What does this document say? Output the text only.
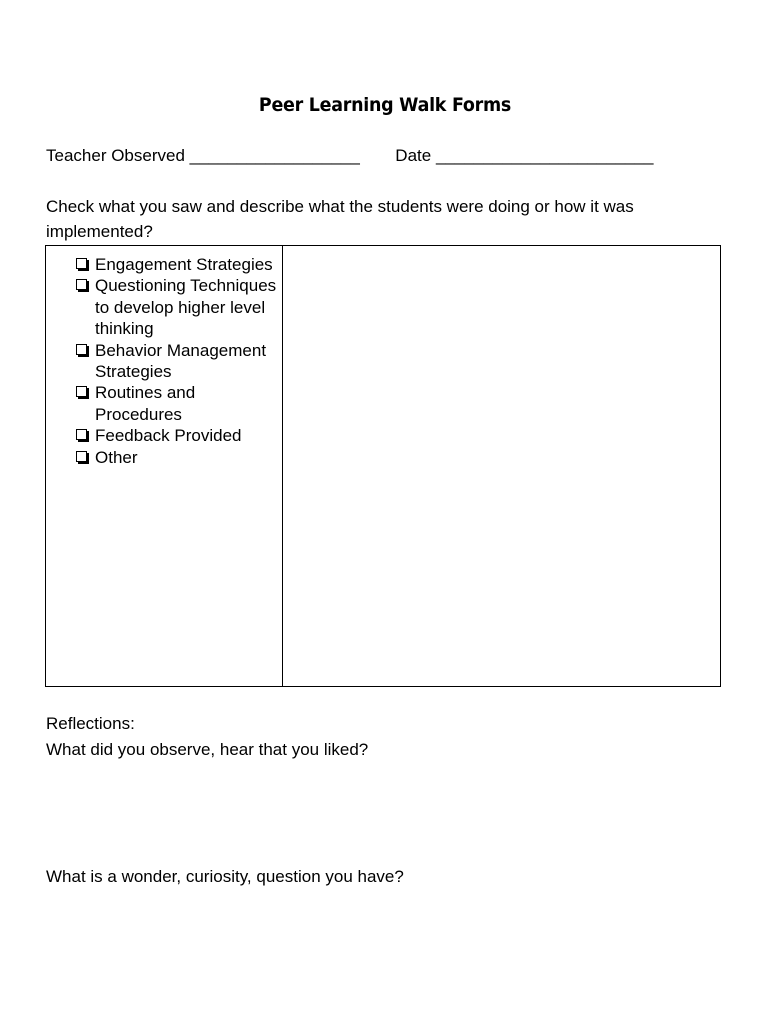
Peer Learning Walk Forms
Teacher Observed __________________ Date _______________________
Check what you saw and describe what the students were doing or how it was implemented?
Engagement Strategies
Questioning Techniques to develop higher level thinking
Behavior Management Strategies
Routines and Procedures
Feedback Provided
Other
Reflections:
What did you observe, hear that you liked?
What is a wonder, curiosity, question you have?
